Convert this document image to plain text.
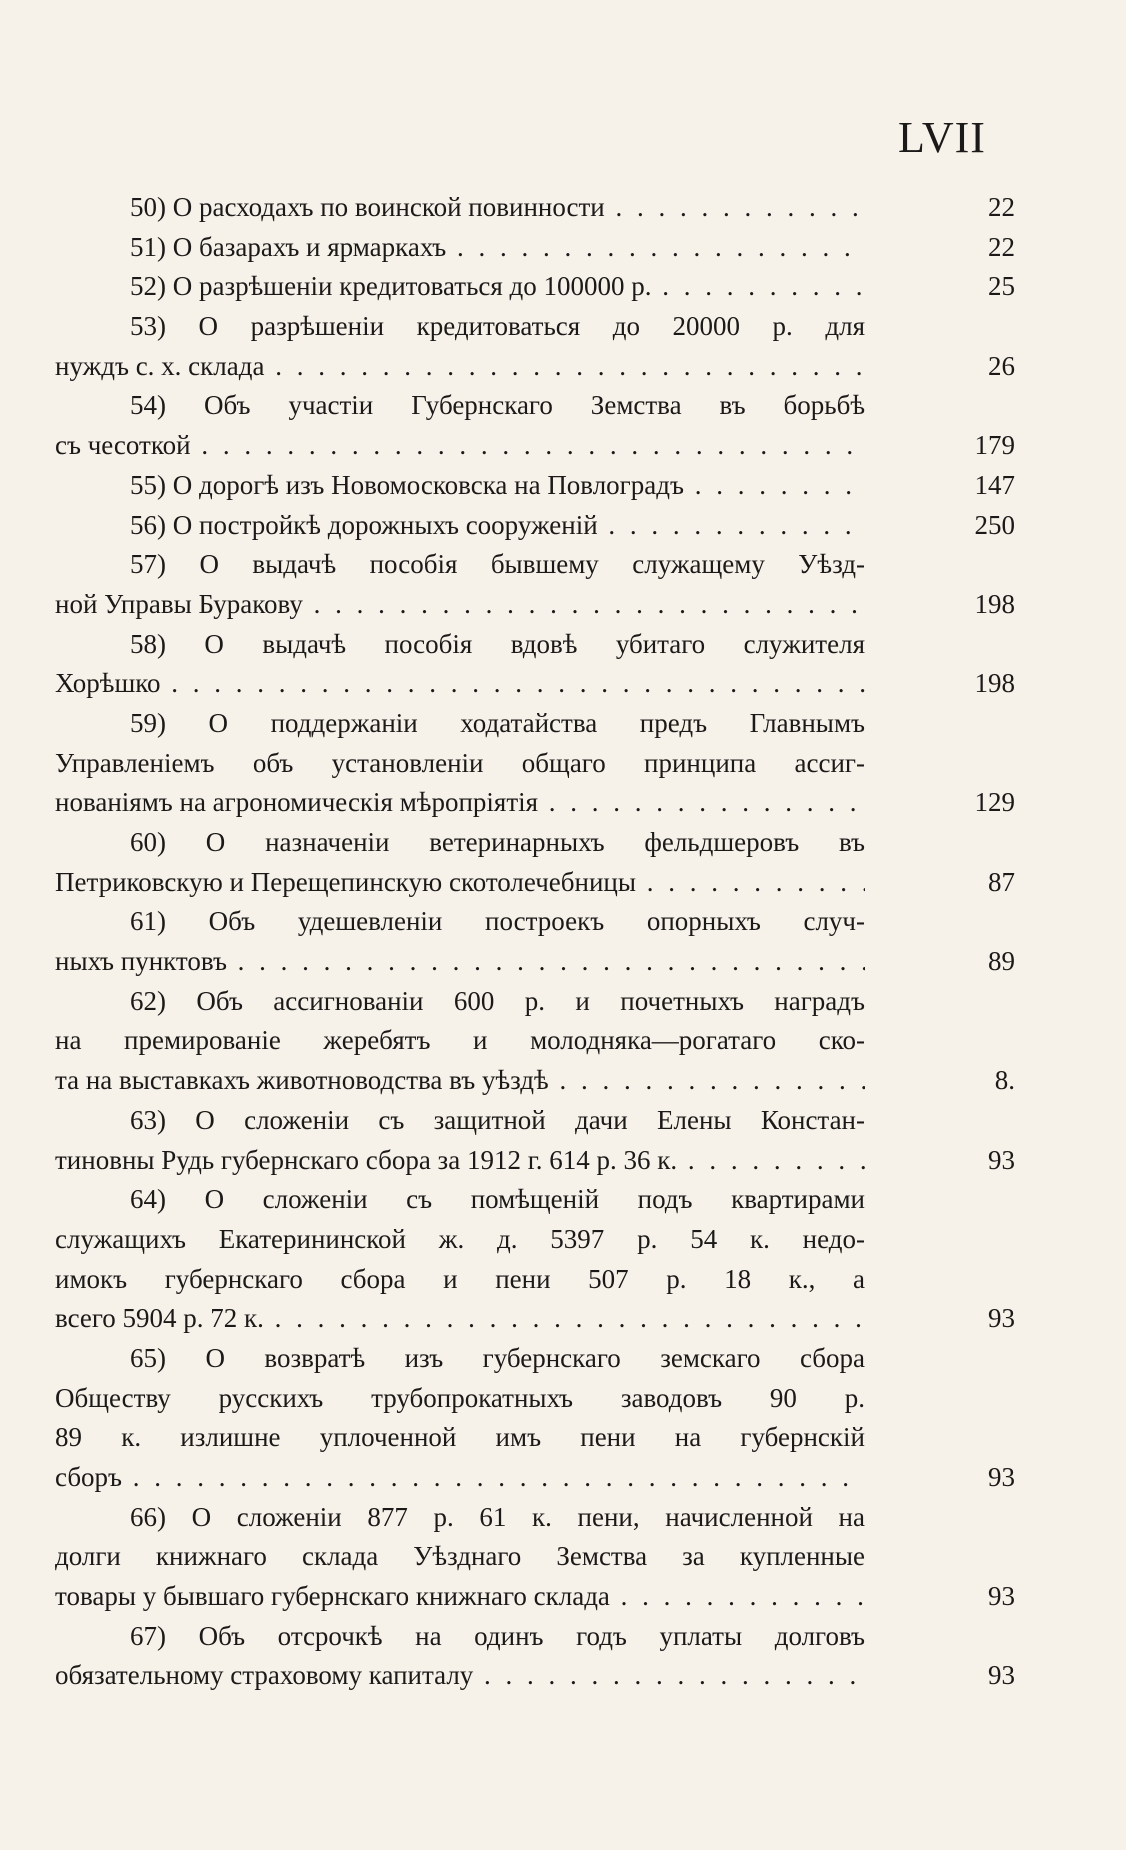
LVII
50) О расходахъ по воинской повинности . . .	22
51) О базарахъ и ярмаркахъ . . .	22
52) О разрѣшеніи кредитоваться до 100000 р. . . .	25
53) О разрѣшеніи кредитоваться до 20000 р. для
нуждъ с. х. склада . . .	26
54) Объ участіи Губернскаго Земства въ борьбѣ
съ чесоткой . . .	179
55) О дорогѣ изъ Новомосковска на Повлоградъ . . .	147
56) О постройкѣ дорожныхъ сооруженій . . .	250
57) О выдачѣ пособія бывшему служащему Уѣзд-
ной Управы Буракову . . .	198
58) О выдачѣ пособія вдовѣ убитаго служителя
Хорѣшко . . .	198
59) О поддержаніи ходатайства предъ Главнымъ
Управленіемъ объ установленіи общаго принципа ассиг-
нованіямъ на агрономическія мѣропріятія . . .	129
60) О назначеніи ветеринарныхъ фельдшеровъ въ
Петриковскую и Перещепинскую скотолечебницы . . .	87
61) Объ удешевленіи построекъ опорныхъ случ-
ныхъ пунктовъ . . .	89
62) Объ ассигнованіи 600 р. и почетныхъ наградъ
на премированіе жеребятъ и молодняка—рогатаго ско-
та на выставкахъ животноводства въ уѣздѣ . . .	8.
63) О сложеніи съ защитной дачи Елены Констан-
тиновны Рудь губернскаго сбора за 1912 г. 614 р. 36 к. . . .	93
64) О сложеніи съ помѣщеній подъ квартирами
служащихъ Екатерининской ж. д. 5397 р. 54 к. недо-
имокъ губернскаго сбора и пени 507 р. 18 к., а
всего 5904 р. 72 к. . . .	93
65) О возвратѣ изъ губернскаго земскаго сбора
Обществу русскихъ трубопрокатныхъ заводовъ 90 р.
89 к. излишне уплоченной имъ пени на губернскій
сборъ . . .	93
66) О сложеніи 877 р. 61 к. пени, начисленной на
долги книжнаго склада Уѣзднаго Земства за купленные
товары у бывшаго губернскаго книжнаго склада . . .	93
67) Объ отсрочкѣ на одинъ годъ уплаты долговъ
обязательному страховому капиталу . . .	93
